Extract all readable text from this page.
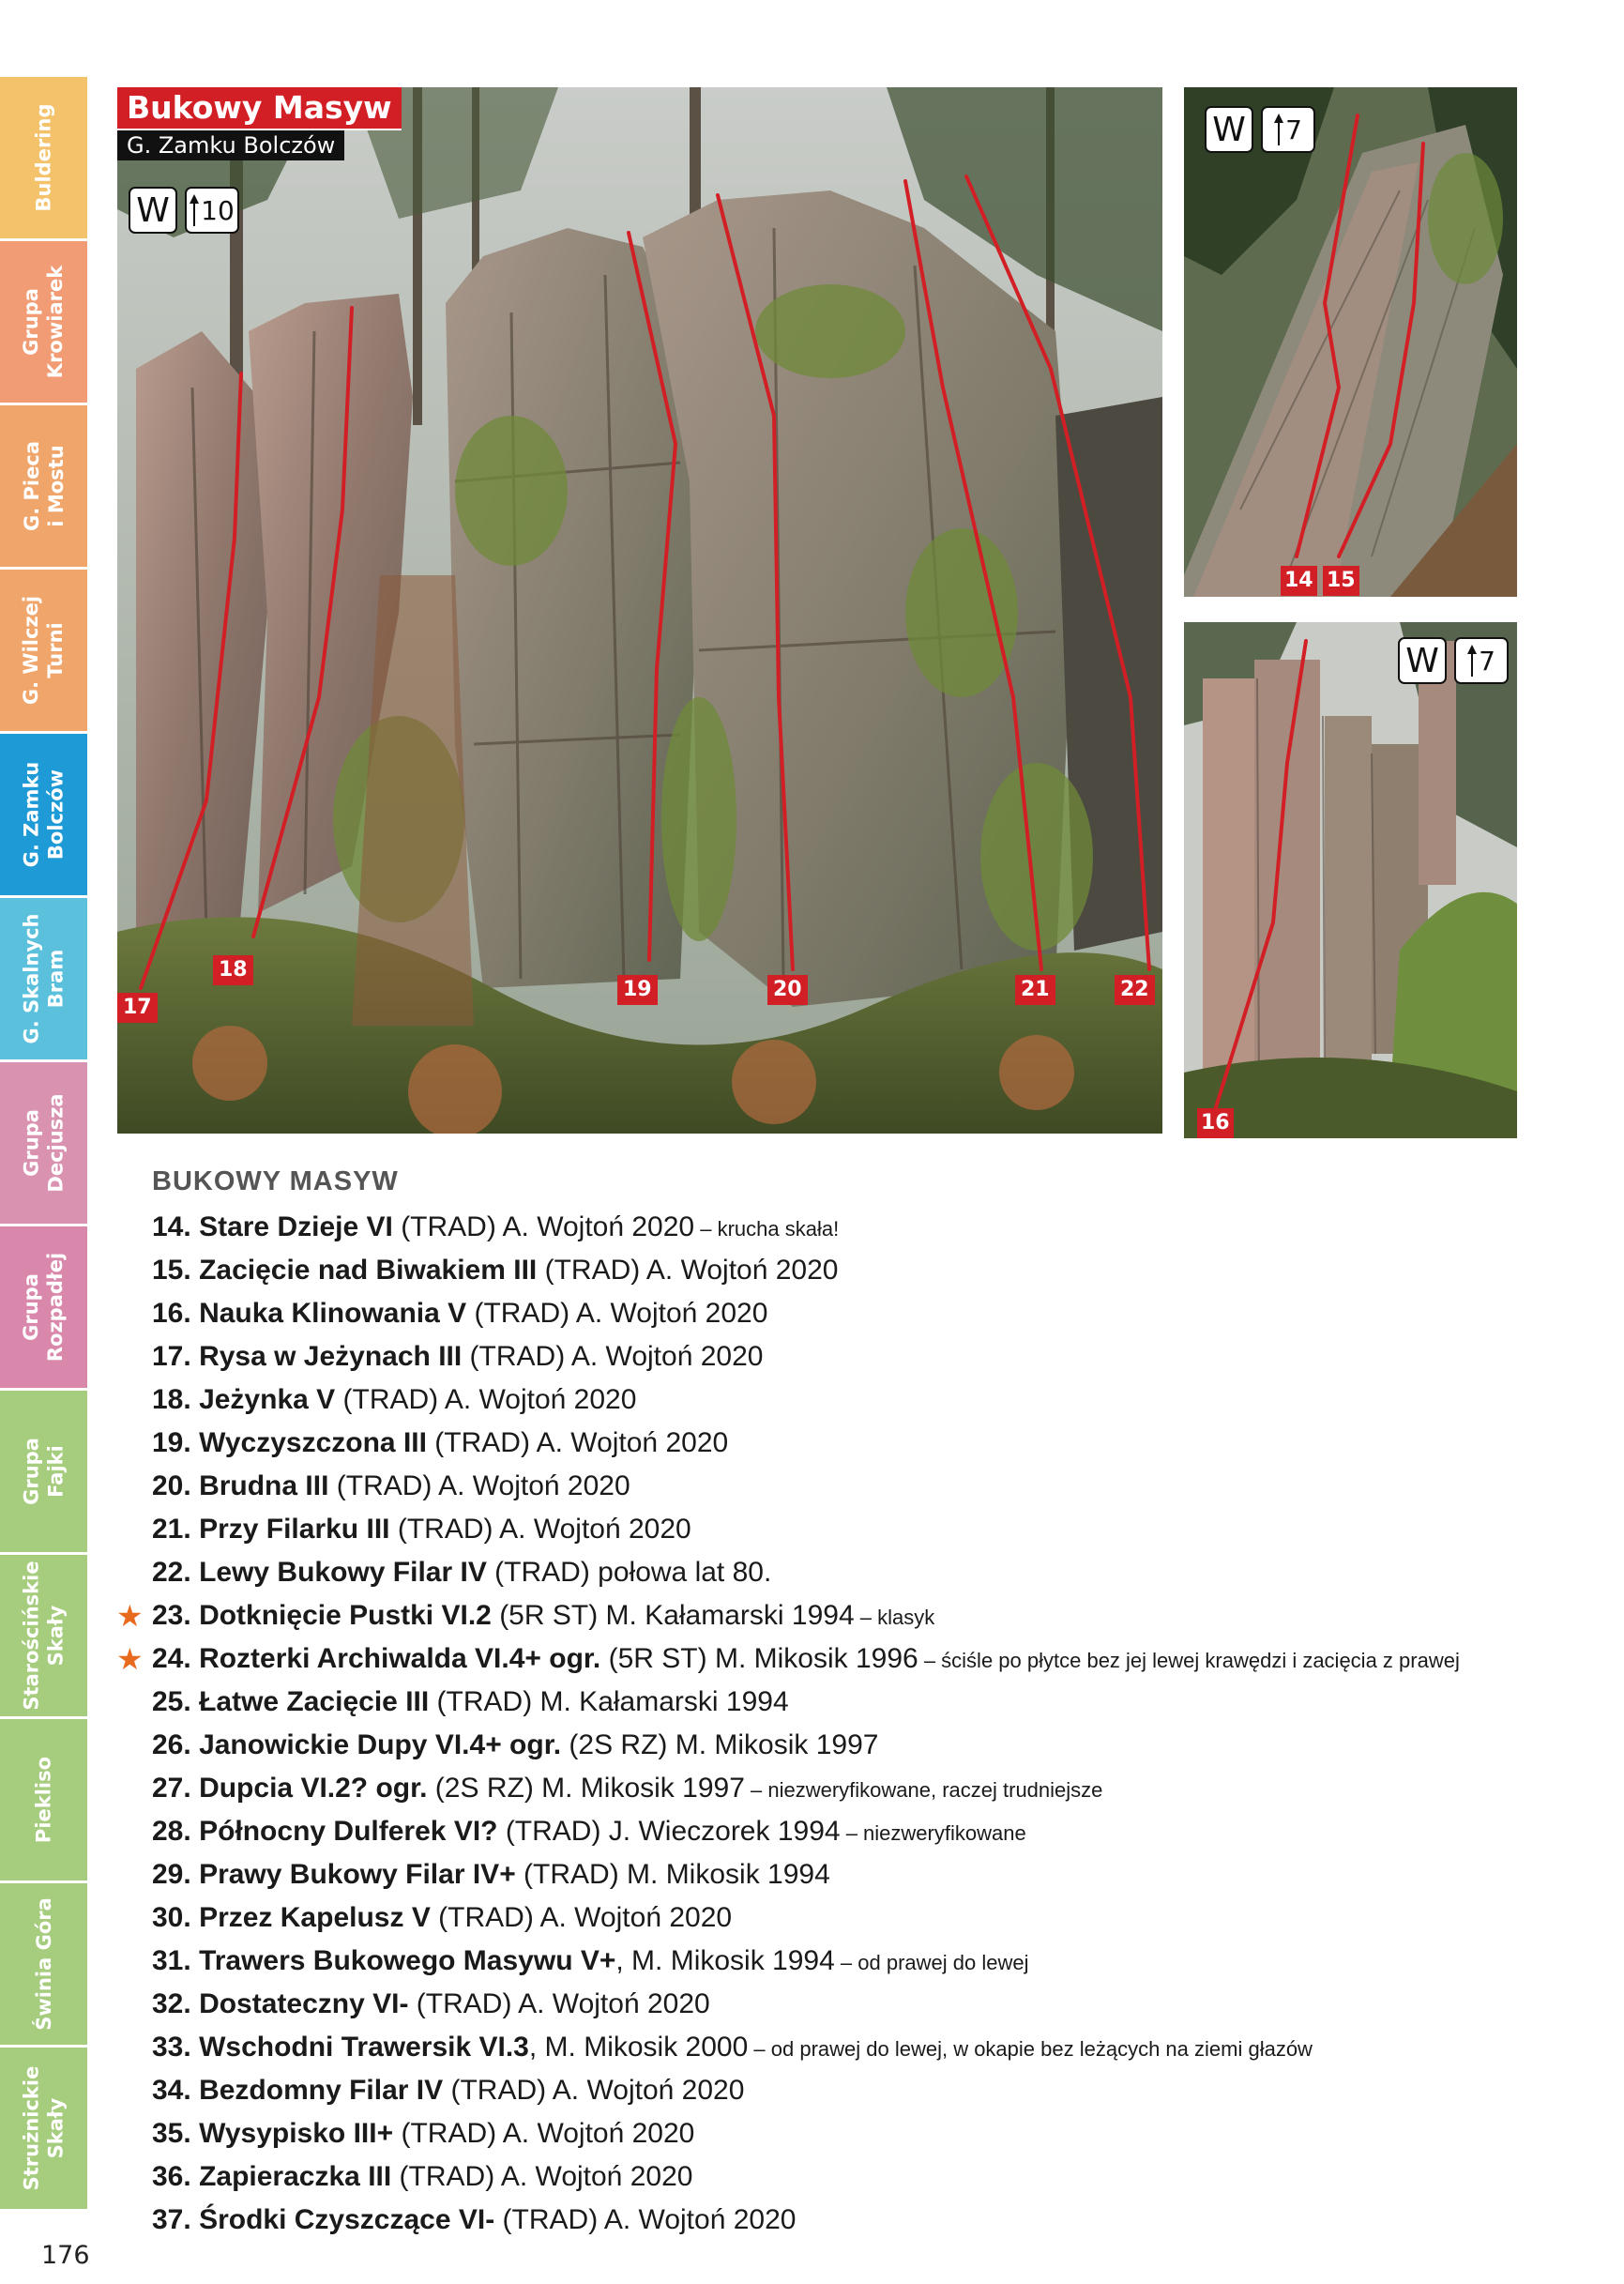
Buldering
Grupa Krowiarek
G. Pieca i Mostu
G. Wilczej Turni
G. Zamku Bolczów
G. Skalnych Bram
Grupa Decjusza
Grupa Rozpadłej
Grupa Fajki
Starościńskie Skały
Piekliso
Świnia Góra
Strużnickie Skały
Bukowy Masyw
G. Zamku Bolczów
W 10
17
18
19	20	21	22
W 7
14 15
W 7
16
BUKOWY MASYW
14. Stare Dzieje VI (TRAD) A. Wojtoń 2020 – krucha skała!
15. Zacięcie nad Biwakiem III (TRAD) A. Wojtoń 2020
16. Nauka Klinowania V (TRAD) A. Wojtoń 2020
17. Rysa w Jeżynach III (TRAD) A. Wojtoń 2020
18. Jeżynka V (TRAD) A. Wojtoń 2020
19. Wyczyszczona III (TRAD) A. Wojtoń 2020
20. Brudna III (TRAD) A. Wojtoń 2020
21. Przy Filarku III (TRAD) A. Wojtoń 2020
22. Lewy Bukowy Filar IV (TRAD) połowa lat 80.
★ 23. Dotknięcie Pustki VI.2 (5R ST) M. Kałamarski 1994 – klasyk
★ 24. Rozterki Archiwalda VI.4+ ogr. (5R ST) M. Mikosik 1996 – ściśle po płytce bez jej lewej krawędzi i zacięcia z prawej
25. Łatwe Zacięcie III (TRAD) M. Kałamarski 1994
26. Janowickie Dupy VI.4+ ogr. (2S RZ) M. Mikosik 1997
27. Dupcia VI.2? ogr. (2S RZ) M. Mikosik 1997 – niezweryfikowane, raczej trudniejsze
28. Północny Dulferek VI? (TRAD) J. Wieczorek 1994 – niezweryfikowane
29. Prawy Bukowy Filar IV+ (TRAD) M. Mikosik 1994
30. Przez Kapelusz V (TRAD) A. Wojtoń 2020
31. Trawers Bukowego Masywu V+, M. Mikosik 1994 – od prawej do lewej
32. Dostateczny VI- (TRAD) A. Wojtoń 2020
33. Wschodni Trawersik VI.3, M. Mikosik 2000 – od prawej do lewej, w okapie bez leżących na ziemi głazów
34. Bezdomny Filar IV (TRAD) A. Wojtoń 2020
35. Wysypisko III+ (TRAD) A. Wojtoń 2020
36. Zapieraczka III (TRAD) A. Wojtoń 2020
37. Środki Czyszczące VI- (TRAD) A. Wojtoń 2020
176
